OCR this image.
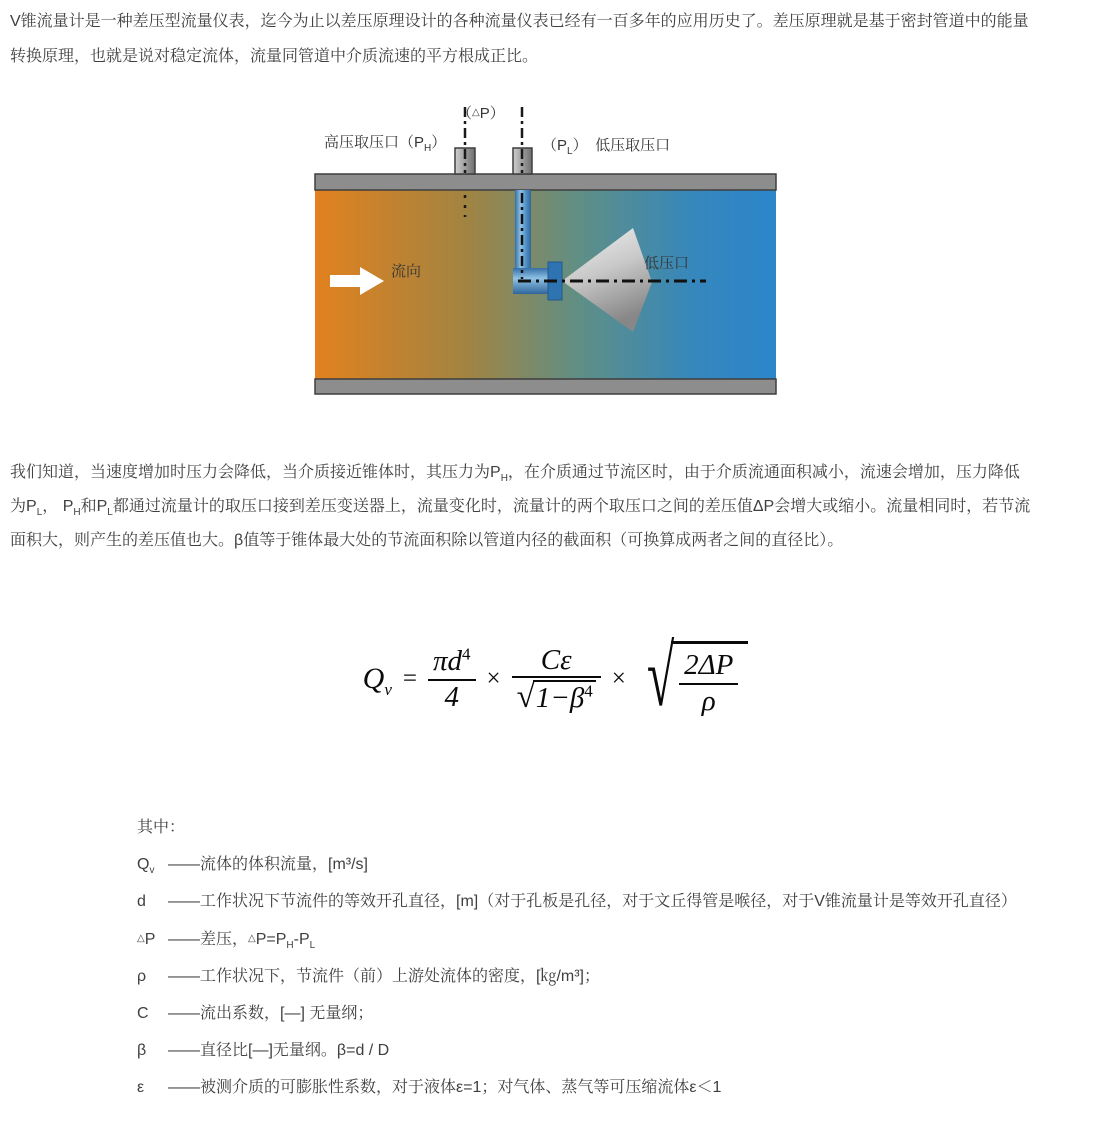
V锥流量计是一种差压型流量仪表，迄今为止以差压原理设计的各种流量仪表已经有一百多年的应用历史了。差压原理就是基于密封管道中的能量
转换原理，也就是说对稳定流体，流量同管道中介质流速的平方根成正比。
（△P）
高压取压口$(P_H)$	$(P_L)$　低压取压口
流向	低压口
我们知道，当速度增加时压力会降低，当介质接近锥体时，其压力为$P_H$，在介质通过节流区时，由于介质流通面积减小，流速会增加，压力降低
为$P_L$， $P_H$和$P_L$都通过流量计的取压口接到差压变送器上，流量变化时，流量计的两个取压口之间的差压值ΔP会增大或缩小。流量相同时，若节流
面积大，则产生的差压值也大。β值等于锥体最大处的节流面积除以管道内径的截面积（可换算成两者之间的直径比）。
$Q_v = \frac{\pi d^4}{4} \times \frac{C\varepsilon}{√ 1-\beta^4}$ × √ $\frac{2\Delta P}{\rho}$
其中：
$Q_v$ ——流体的体积流量，[m³/s]
d	——工作状况下节流件的等效开孔直径，[m]（对于孔板是孔径，对于文丘得管是喉径，对于V锥流量计是等效开孔直径）
△P ——差压，$\triangle P=P_H-P_L$
ρ	——工作状况下，节流件（前）上游处流体的密度，[㎏/m³]；
C	——流出系数，[—] 无量纲；
β	——直径比[—]无量纲。β=d / D
ε	——被测介质的可膨胀性系数，对于液体ε=1；对气体、蒸气等可压缩流体ε＜1
